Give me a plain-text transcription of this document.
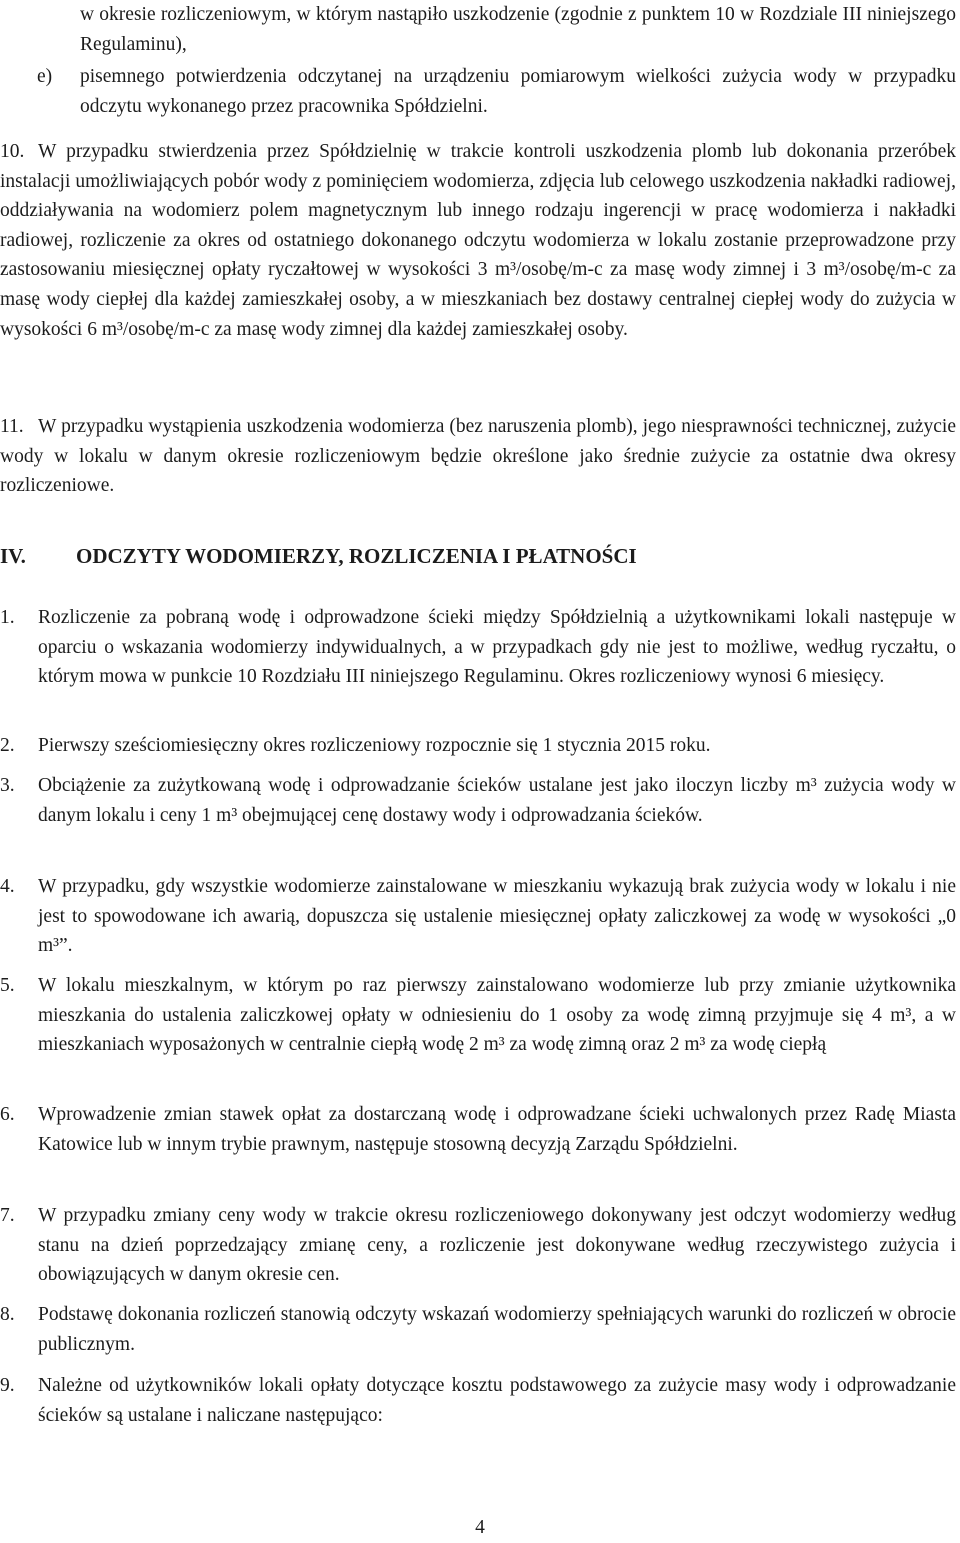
w okresie rozliczeniowym, w którym nastąpiło uszkodzenie (zgodnie z punktem 10 w Rozdziale III niniejszego Regulaminu),

e) pisemnego potwierdzenia odczytanej na urządzeniu pomiarowym wielkości zużycia wody w przypadku odczytu wykonanego przez pracownika Spółdzielni.
10. W przypadku stwierdzenia przez Spółdzielnię w trakcie kontroli uszkodzenia plomb lub dokonania przeróbek instalacji umożliwiających pobór wody z pominięciem wodomierza, zdjęcia lub celowego uszkodzenia nakładki radiowej, oddziaływania na wodomierz polem magnetycznym lub innego rodzaju ingerencji w pracę wodomierza i nakładki radiowej, rozliczenie za okres od ostatniego dokonanego odczytu wodomierza w lokalu zostanie przeprowadzone przy zastosowaniu miesięcznej opłaty ryczałtowej w wysokości 3 m³/osobę/m-c za masę wody zimnej i 3 m³/osobę/m-c za masę wody ciepłej dla każdej zamieszkałej osoby, a w mieszkaniach bez dostawy centralnej ciepłej wody do zużycia w wysokości 6 m³/osobę/m-c za masę wody zimnej dla każdej zamieszkałej osoby.
11. W przypadku wystąpienia uszkodzenia wodomierza (bez naruszenia plomb), jego niesprawności technicznej, zużycie wody w lokalu w danym okresie rozliczeniowym będzie określone jako średnie zużycie za ostatnie dwa okresy rozliczeniowe.
IV. ODCZYTY WODOMIERZY, ROZLICZENIA I PŁATNOŚCI
1. Rozliczenie za pobraną wodę i odprowadzone ścieki między Spółdzielnią a użytkownikami lokali następuje w oparciu o wskazania wodomierzy indywidualnych, a w przypadkach gdy nie jest to możliwe, według ryczałtu, o którym mowa w punkcie 10 Rozdziału III niniejszego Regulaminu. Okres rozliczeniowy wynosi 6 miesięcy.
2. Pierwszy sześciomiesięczny okres rozliczeniowy rozpocznie się 1 stycznia 2015 roku.
3. Obciążenie za zużytkowaną wodę i odprowadzanie ścieków ustalane jest jako iloczyn liczby m³ zużycia wody w danym lokalu i ceny 1 m³ obejmującej cenę dostawy wody i odprowadzania ścieków.
4. W przypadku, gdy wszystkie wodomierze zainstalowane w mieszkaniu wykazują brak zużycia wody w lokalu i nie jest to spowodowane ich awarią, dopuszcza się ustalenie miesięcznej opłaty zaliczkowej za wodę w wysokości „0 m³”.
5. W lokalu mieszkalnym, w którym po raz pierwszy zainstalowano wodomierze lub przy zmianie użytkownika mieszkania do ustalenia zaliczkowej opłaty w odniesieniu do 1 osoby za wodę zimną przyjmuje się 4 m³, a w mieszkaniach wyposażonych w centralnie ciepłą wodę 2 m³ za wodę zimną oraz 2 m³ za wodę ciepłą
6. Wprowadzenie zmian stawek opłat za dostarczaną wodę i odprowadzane ścieki uchwalonych przez Radę Miasta Katowice lub w innym trybie prawnym, następuje stosowną decyzją Zarządu Spółdzielni.
7. W przypadku zmiany ceny wody w trakcie okresu rozliczeniowego dokonywany jest odczyt wodomierzy według stanu na dzień poprzedzający zmianę ceny, a rozliczenie jest dokonywane według rzeczywistego zużycia i obowiązujących w danym okresie cen.
8. Podstawę dokonania rozliczeń stanowią odczyty wskazań wodomierzy spełniających warunki do rozliczeń w obrocie publicznym.
9. Należne od użytkowników lokali opłaty dotyczące kosztu podstawowego za zużycie masy wody i odprowadzanie ścieków są ustalane i naliczane następująco:
4
